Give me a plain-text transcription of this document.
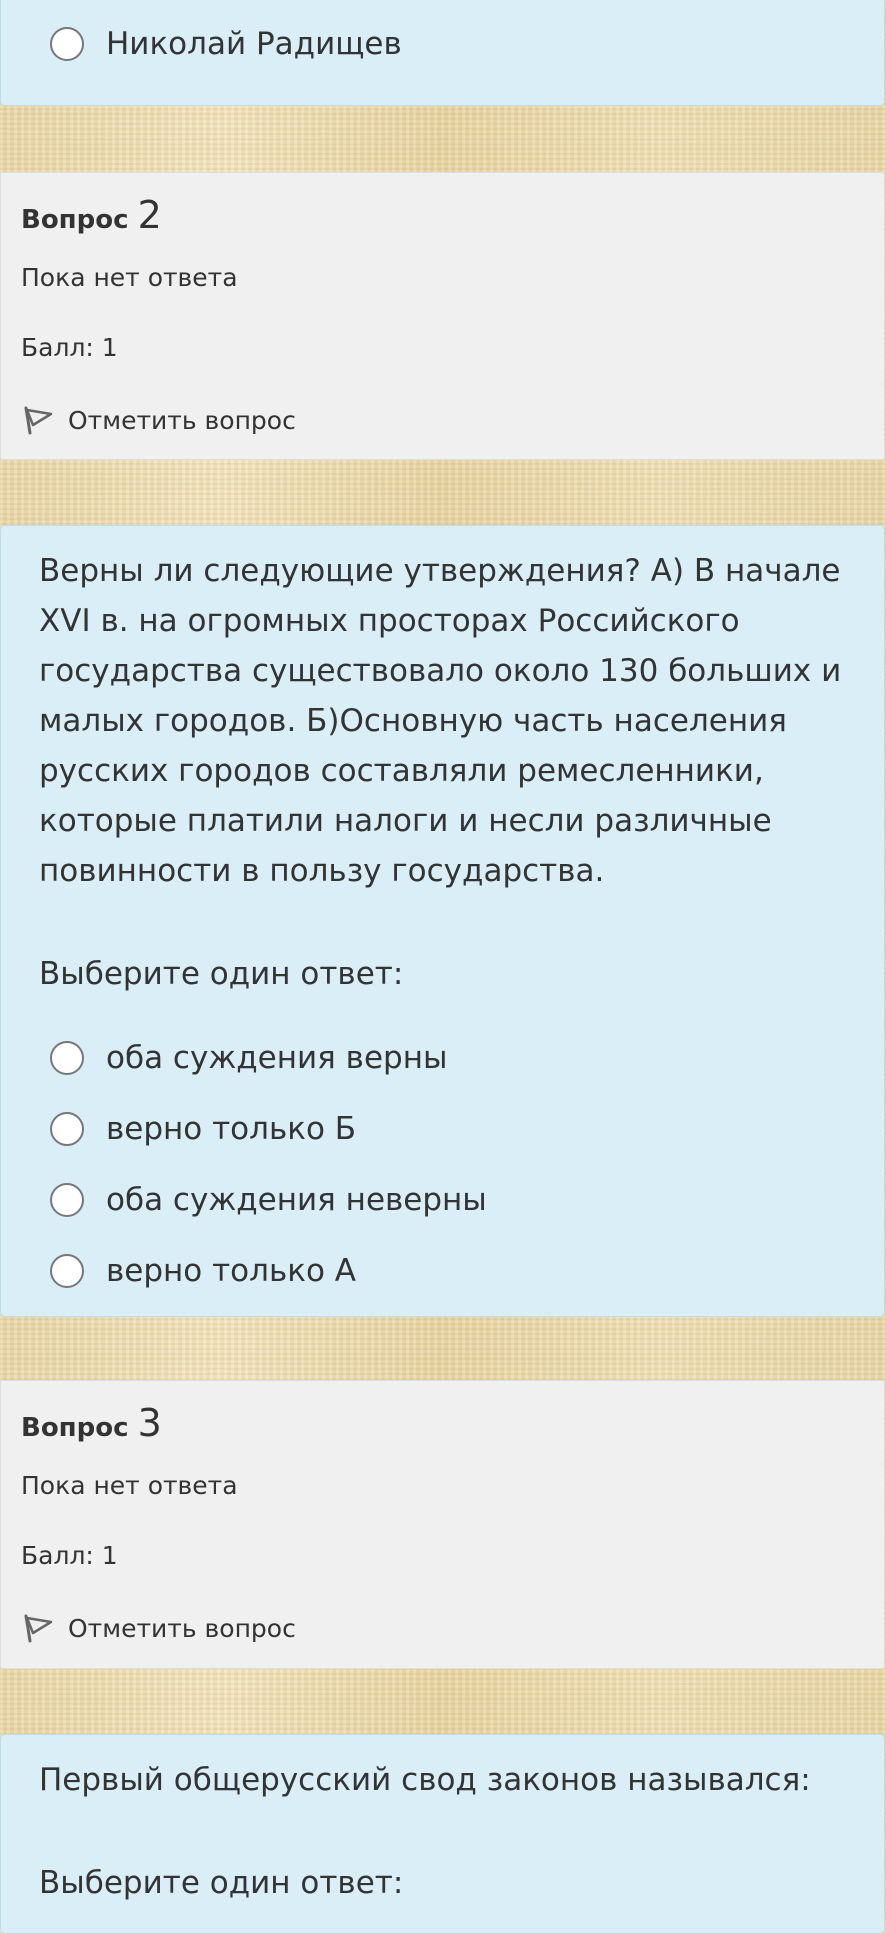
Николай Радищев
Вопрос 2
Пока нет ответа
Балл: 1
Отметить вопрос
Верны ли следующие утверждения? А) В начале XVI в. на огромных просторах Российского государства существовало около 130 больших и малых городов. Б)Основную часть населения русских городов составляли ремесленники, которые платили налоги и несли различные повинности в пользу государства.
Выберите один ответ:
оба суждения верны
верно только Б
оба суждения неверны
верно только А
Вопрос 3
Пока нет ответа
Балл: 1
Отметить вопрос
Первый общерусский свод законов назывался:
Выберите один ответ:
